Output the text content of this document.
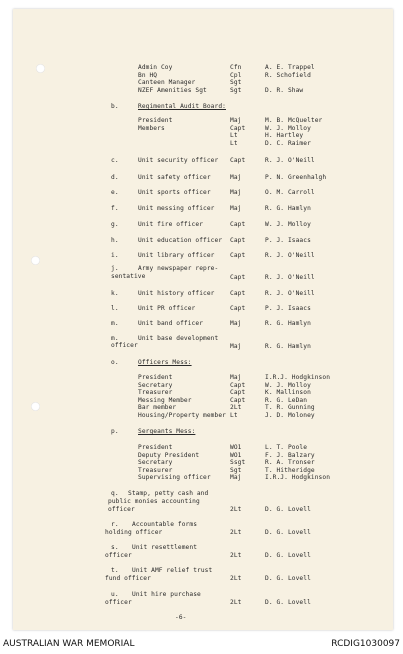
Admin Coy	Cfn	A. E. Trappel
Bn HQ	Cpl	R. Schofield
Canteen Manager	Sgt
NZEF Amenities Sgt	Sgt	D. R. Shaw
b.	Regimental Audit Board:
President	Maj	M. B. McQuelter
Members	Capt	W. J. Molloy
Lt	H. Hartley
Lt	D. C. Raimer
c.	Unit security officer Capt	R. J. O'Neill
d.	Unit safety officer	Maj	P. N. Greenhalgh
e.	Unit sports officer	Maj	O. M. Carroll
f.	Unit messing officer Maj	R. G. Hamlyn
g.	Unit fire officer	Capt	W. J. Molloy
h.	Unit education officer Capt	P. J. Isaacs
i.	Unit library officer Capt	R. J. O'Neill
j.	Army newspaper repre-
sentative	Capt	R. J. O'Neill
k.	Unit history officer Capt	R. J. O'Neill
l.	Unit PR officer	Capt	P. J. Isaacs
m.	Unit band officer	Maj	R. G. Hamlyn
m.	Unit base development
officer	Maj	R. G. Hamlyn
o.	Officers Mess:
President	Maj	I.R.J. Hodgkinson
Secretary	Capt	W. J. Molloy
Treasurer	Capt	K. Mallinson
Messing Member	Capt	R. G. LeDan
Bar member	2Lt	T. R. Gunning
Housing/Property member Lt	J. D. Moloney
p.	Sergeants Mess:
President	WO1	L. T. Poole
Deputy President	WO1	F. J. Balzary
Secretary	Ssgt	R. A. Tronser
Treasurer	Sgt	T. Hitheridge
Supervising officer	Maj	I.R.J. Hodgkinson
q. Stamp, petty cash and
public monies accounting
officer	2Lt	D. G. Lovell
r. Accountable forms
holding officer	2Lt	D. G. Lovell
s. Unit resettlement
officer	2Lt	D. G. Lovell
t. Unit AMF relief trust
fund officer	2Lt	D. G. Lovell
u. Unit hire purchase
officer	2Lt	D. G. Lovell
-6-
AUSTRALIAN WAR MEMORIAL	RCDIG1030097
